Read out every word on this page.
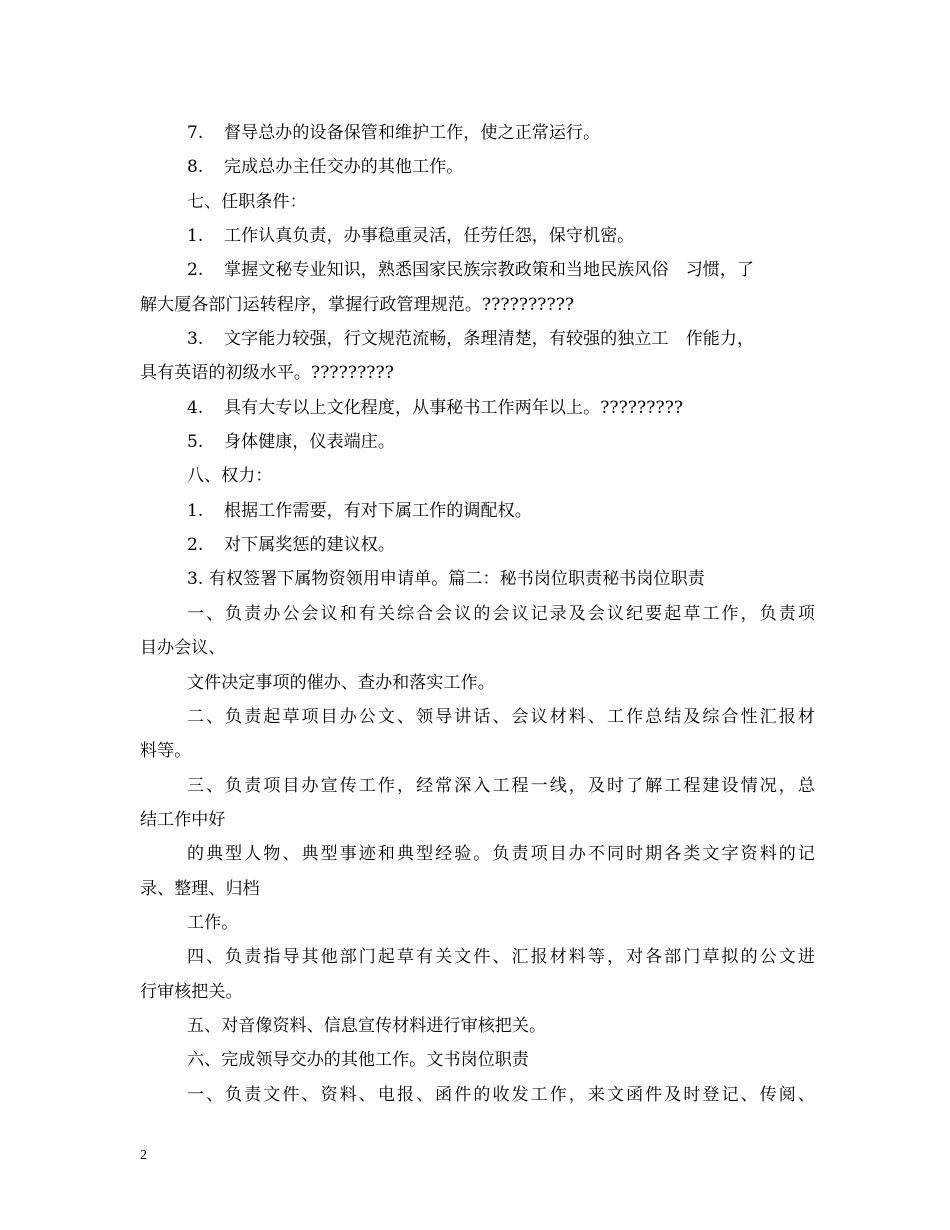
7. 督导总办的设备保管和维护工作，使之正常运行。
8. 完成总办主任交办的其他工作。
七、任职条件：
1. 工作认真负责，办事稳重灵活，任劳任怨，保守机密。
2. 掌握文秘专业知识，熟悉国家民族宗教政策和当地民族风俗　习惯，了
解大厦各部门运转程序，掌握行政管理规范。??????????
3. 文字能力较强，行文规范流畅，条理清楚，有较强的独立工　作能力，
具有英语的初级水平。?????????
4. 具有大专以上文化程度，从事秘书工作两年以上。?????????
5. 身体健康，仪表端庄。
八、权力：
1. 根据工作需要，有对下属工作的调配权。
2. 对下属奖惩的建议权。
3. 有权签署下属物资领用申请单。篇二：秘书岗位职责秘书岗位职责
一、负责办公会议和有关综合会议的会议记录及会议纪要起草工作，负责项
目办会议、
文件决定事项的催办、查办和落实工作。
二、负责起草项目办公文、领导讲话、会议材料、工作总结及综合性汇报材
料等。
三、负责项目办宣传工作，经常深入工程一线，及时了解工程建设情况，总
结工作中好
的典型人物、典型事迹和典型经验。负责项目办不同时期各类文字资料的记
录、整理、归档
工作。
四、负责指导其他部门起草有关文件、汇报材料等，对各部门草拟的公文进
行审核把关。
五、对音像资料、信息宣传材料进行审核把关。
六、完成领导交办的其他工作。文书岗位职责
一、负责文件、资料、电报、函件的收发工作，来文函件及时登记、传阅、
2
